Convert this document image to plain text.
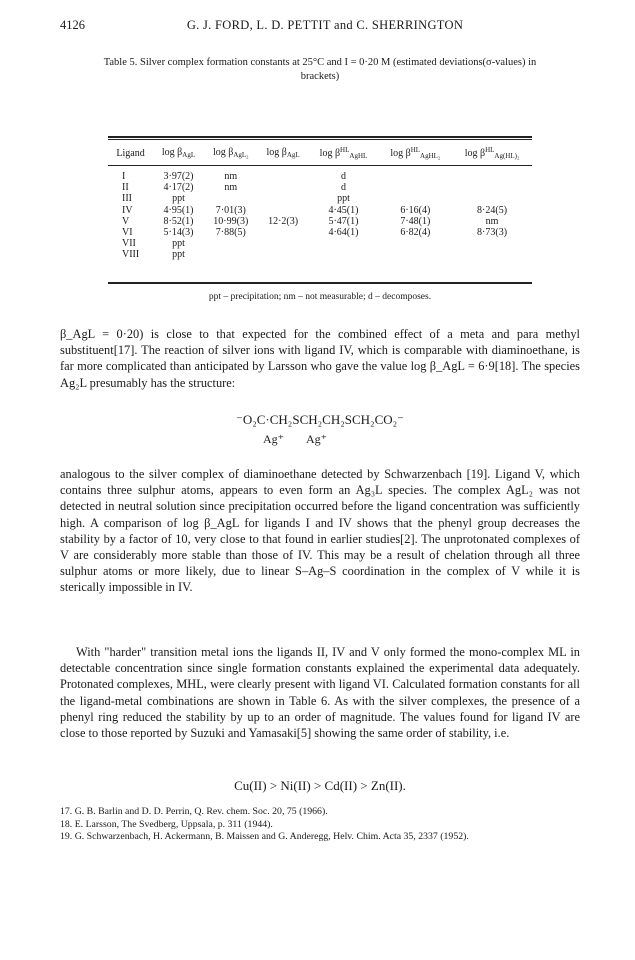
4126	G. J. FORD, L. D. PETTIT and C. SHERRINGTON
Table 5. Silver complex formation constants at 25°C and I = 0·20 M (estimated deviations(σ-values) in brackets)
Ligand	$\log \beta_{AgL}$	$\log \beta_{AgL_2}$	$\log \beta_{AgL}$	$\log \beta^{HL}_{AgHL}$	$\log \beta^{HL}_{AgHL_2}$	$\log \beta^{HL}_{Ag(HL)_2}$

I	3·97(2)	nm		d		
II	4·17(2)	nm		d		
III	ppt			ppt		
IV	4·95(1)	7·01(3)		4·45(1)	6·16(4)	8·24(5)
V	8·52(1)	10·99(3)	12·2(3)	5·47(1)	7·48(1)	nm
VI	5·14(3)	7·88(5)		4·64(1)	6·82(4)	8·73(3)
VII	ppt					
VIII	ppt					
ppt – precipitation; nm – not measurable; d – decomposes.

β_AgL = 0·20) is close to that expected for the combined effect of a meta and para methyl substituent[17]. The reaction of silver ions with ligand IV, which is comparable with diaminoethane, is far more complicated than anticipated by Larsson who gave the value log β_AgL = 6·9[18]. The species Ag₂L presumably has the structure:

⁻O₂C·CH₂SCH₂CH₂SCH₂CO₂⁻
Ag⁺ Ag⁺

analogous to the silver complex of diaminoethane detected by Schwarzenbach [19]. Ligand V, which contains three sulphur atoms, appears to even form an Ag₃L species. The complex AgL₂ was not detected in neutral solution since precipitation occurred before the ligand concentration was sufficiently high. A comparison of log β_AgL for ligands I and IV shows that the phenyl group decreases the stability by a factor of 10, very close to that found in earlier studies[2]. The unprotonated complexes of V are considerably more stable than those of IV. This may be a result of chelation through all three sulphur atoms or more likely, due to linear S–Ag–S coordination in the complex of V while it is sterically impossible in IV.

With "harder" transition metal ions the ligands II, IV and V only formed the mono-complex ML in detectable concentration since single formation constants explained the experimental data adequately. Protonated complexes, MHL, were clearly present with ligand VI. Calculated formation constants for all the ligand-metal combinations are shown in Table 6. As with the silver complexes, the presence of a phenyl ring reduced the stability by up to an order of magnitude. The values found for ligand IV are close to those reported by Suzuki and Yamasaki[5] showing the same order of stability, i.e.

Cu(II) > Ni(II) > Cd(II) > Zn(II).

17. G. B. Barlin and D. D. Perrin, Q. Rev. chem. Soc. 20, 75 (1966).

18. E. Larsson, The Svedberg, Uppsala, p. 311 (1944).

19. G. Schwarzenbach, H. Ackermann, B. Maissen and G. Anderegg, Helv. Chim. Acta 35, 2337 (1952).
